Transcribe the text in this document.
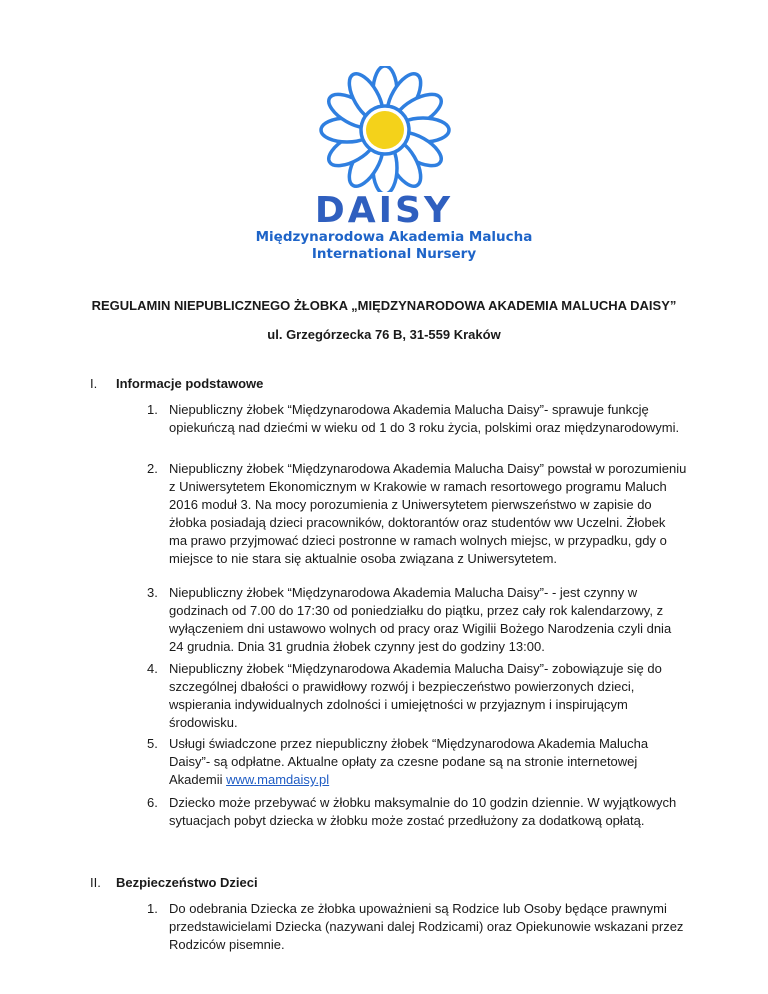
DAISY
Międzynarodowa Akademia Malucha
International Nursery
REGULAMIN NIEPUBLICZNEGO ŻŁOBKA „MIĘDZYNARODOWA AKADEMIA MALUCHA DAISY”
ul. Grzegórzecka 76 B, 31-559 Kraków
I. Informacje podstawowe
1. Niepubliczny żłobek “Międzynarodowa Akademia Malucha Daisy”- sprawuje funkcję opiekuńczą nad dziećmi w wieku od 1 do 3 roku życia, polskimi oraz międzynarodowymi.
2. Niepubliczny żłobek “Międzynarodowa Akademia Malucha Daisy” powstał w porozumieniu z Uniwersytetem Ekonomicznym w Krakowie w ramach resortowego programu Maluch 2016 moduł 3. Na mocy porozumienia z Uniwersytetem pierwszeństwo w zapisie do żłobka posiadają dzieci pracowników, doktorantów oraz studentów ww Uczelni. Żłobek ma prawo przyjmować dzieci postronne w ramach wolnych miejsc, w przypadku, gdy o miejsce to nie stara się aktualnie osoba związana z Uniwersytetem.
3. Niepubliczny żłobek “Międzynarodowa Akademia Malucha Daisy”- - jest czynny w godzinach od 7.00 do 17:30 od poniedziałku do piątku, przez cały rok kalendarzowy, z wyłączeniem dni ustawowo wolnych od pracy oraz Wigilii Bożego Narodzenia czyli dnia 24 grudnia. Dnia 31 grudnia żłobek czynny jest do godziny 13:00.
4. Niepubliczny żłobek “Międzynarodowa Akademia Malucha Daisy”- zobowiązuje się do szczególnej dbałości o prawidłowy rozwój i bezpieczeństwo powierzonych dzieci, wspierania indywidualnych zdolności i umiejętności w przyjaznym i inspirującym środowisku.
5. Usługi świadczone przez niepubliczny żłobek “Międzynarodowa Akademia Malucha Daisy”- są odpłatne. Aktualne opłaty za czesne podane są na stronie internetowej Akademii www.mamdaisy.pl
6. Dziecko może przebywać w żłobku maksymalnie do 10 godzin dziennie. W wyjątkowych sytuacjach pobyt dziecka w żłobku może zostać przedłużony za dodatkową opłatą.
II. Bezpieczeństwo Dzieci
1. Do odebrania Dziecka ze żłobka upoważnieni są Rodzice lub Osoby będące prawnymi przedstawicielami Dziecka (nazywani dalej Rodzicami) oraz Opiekunowie wskazani przez Rodziców pisemnie.
